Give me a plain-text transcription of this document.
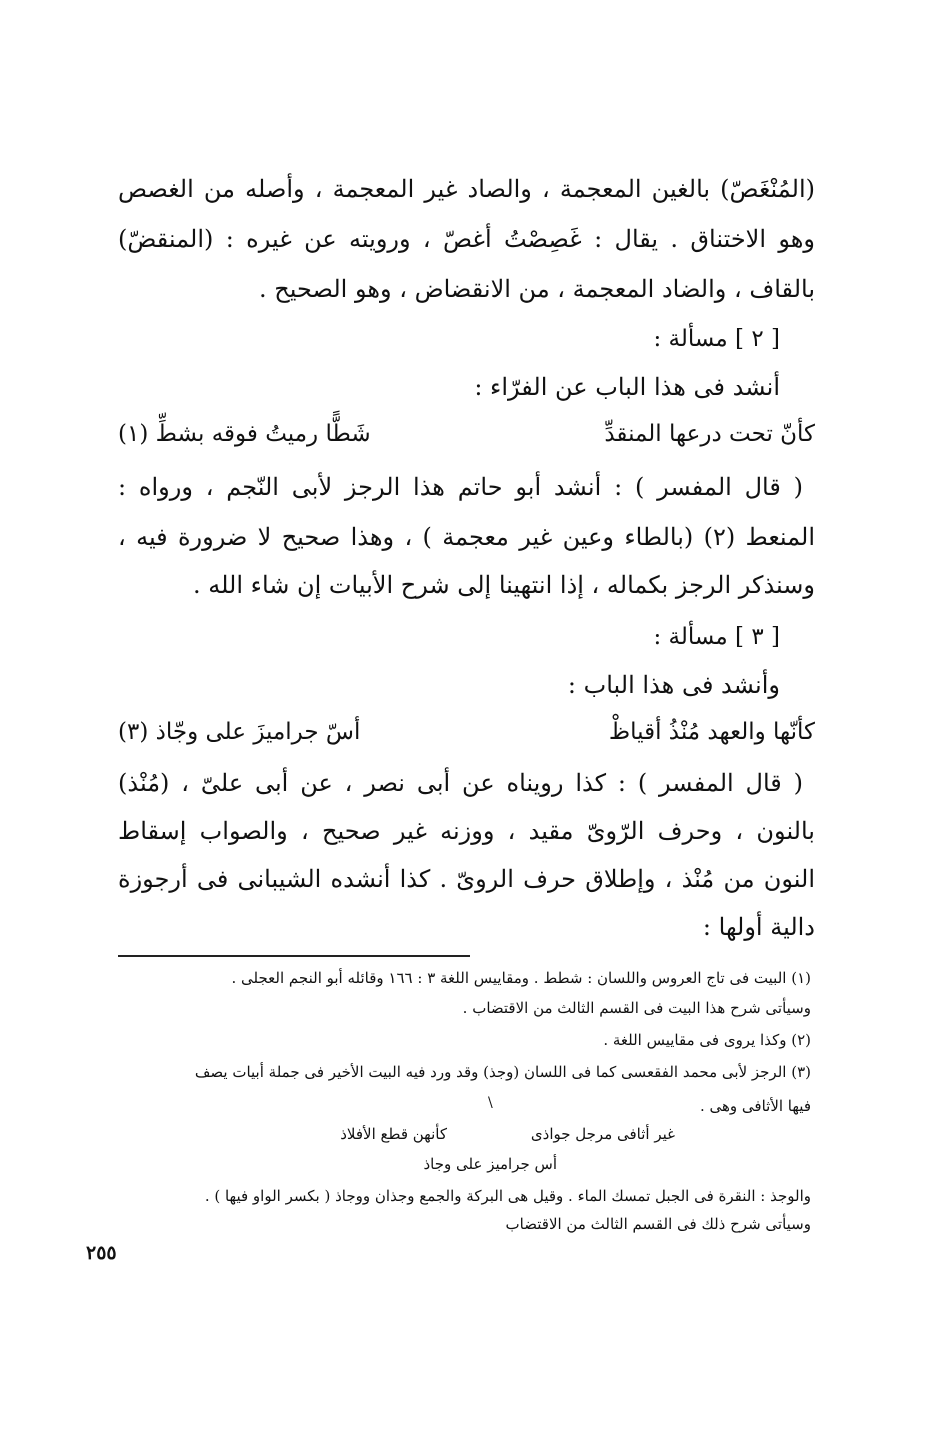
(المُنْغَصّ) بالغين المعجمة ، والصاد غير المعجمة ، وأصله من الغصص
وهو الاختناق . يقال : غَصِصْتُ أغصّ ، ورويته عن غيره : (المنقضّ)
بالقاف ، والضاد المعجمة ، من الانقضاض ، وهو الصحيح .
[ ٢ ] مسألة :
أنشد فى هذا الباب عن الفرّاء :
كأنّ تحت درعها المنقدِّ
شَطًّا رميتُ فوقه بشطِّ (١)
( قال المفسر ) : أنشد أبو حاتم هذا الرجز لأبى النّجم ، ورواه :
المنعط (٢) (بالطاء وعين غير معجمة ) ، وهذا صحيح لا ضرورة فيه ،
وسنذكر الرجز بكماله ، إذا انتهينا إلى شرح الأبيات إن شاء الله .
[ ٣ ] مسألة :
وأنشد فى هذا الباب :
كأنّها والعهد مُنْذُ أقياظْ
أسّ جراميزَ على وجّاذ (٣)
( قال المفسر ) : كذا رويناه عن أبى نصر ، عن أبى علىّ ، (مُنْذ)
بالنون ، وحرف الرّوىّ مقيد ، ووزنه غير صحيح ، والصواب إسقاط
النون من مُنْذ ، وإطلاق حرف الروىّ . كذا أنشده الشيبانى فى أرجوزة
دالية أولها :
(١) البيت فى تاج العروس واللسان : شطط . ومقاييس اللغة ٣ : ١٦٦ وقائله أبو النجم العجلى .
وسيأتى شرح هذا البيت فى القسم الثالث من الاقتضاب .
(٢) وكذا يروى فى مقاييس اللغة .
(٣) الرجز لأبى محمد الفقعسى كما فى اللسان (وجذ) وقد ورد فيه البيت الأخير فى جملة أبيات يصف
فيها الأثافى وهى .
\
غير أثافى مرجل جواذى
كأنهن قطع الأفلاذ
أس جراميز على وجاذ
والوجذ : النقرة فى الجبل تمسك الماء . وقيل هى البركة والجمع وجذان ووجاذ ( بكسر الواو فيها ) .
وسيأتى شرح ذلك فى القسم الثالث من الاقتضاب
٢٥٥
